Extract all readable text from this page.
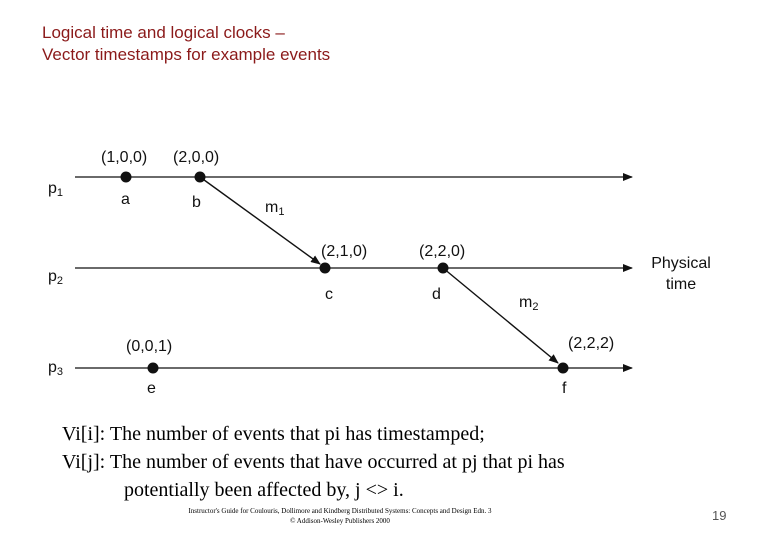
Logical time and logical clocks –
Vector timestamps for example events
p1
p2
p3
(1,0,0) (2,0,0)
(2,1,0)	(2,2,0)
(0,0,1)	(2,2,2)
a	b
c	d
e	f
m1
m2
Physical
time
Vi[i]: The number of events that pi has timestamped;
Vi[j]: The number of events that have occurred at pj that pi has
potentially been affected by, j <> i.
Instructor's Guide for Coulouris, Dollimore and Kindberg Distributed Systems: Concepts and Design Edn. 3
© Addison-Wesley Publishers 2000	19
